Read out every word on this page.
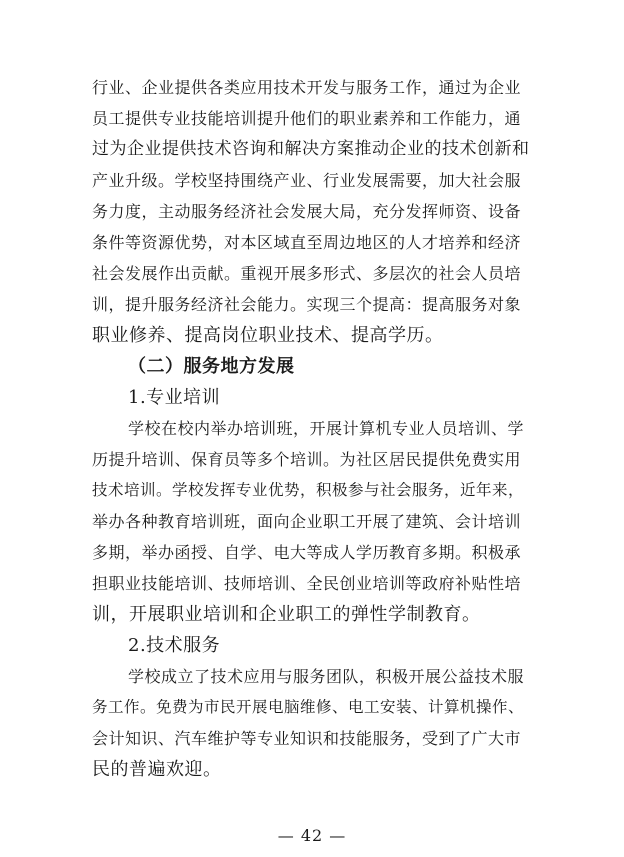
行业、企业提供各类应用技术开发与服务工作，通过为企业
员工提供专业技能培训提升他们的职业素养和工作能力，通
过为企业提供技术咨询和解决方案推动企业的技术创新和
产业升级。学校坚持围绕产业、行业发展需要，加大社会服
务力度，主动服务经济社会发展大局，充分发挥师资、设备
条件等资源优势，对本区域直至周边地区的人才培养和经济
社会发展作出贡献。重视开展多形式、多层次的社会人员培
训，提升服务经济社会能力。实现三个提高：提高服务对象
职业修养、提高岗位职业技术、提高学历。
（二）服务地方发展
1.专业培训
学校在校内举办培训班，开展计算机专业人员培训、学
历提升培训、保育员等多个培训。为社区居民提供免费实用
技术培训。学校发挥专业优势，积极参与社会服务，近年来，
举办各种教育培训班，面向企业职工开展了建筑、会计培训
多期，举办函授、自学、电大等成人学历教育多期。积极承
担职业技能培训、技师培训、全民创业培训等政府补贴性培
训，开展职业培训和企业职工的弹性学制教育。
2.技术服务
学校成立了技术应用与服务团队，积极开展公益技术服
务工作。免费为市民开展电脑维修、电工安装、计算机操作、
会计知识、汽车维护等专业知识和技能服务，受到了广大市
民的普遍欢迎。
— 42 —
